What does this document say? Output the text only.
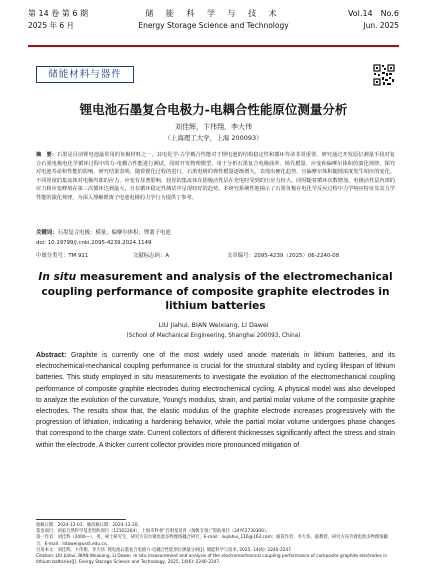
第 14 卷 第 6 期
2025 年 6 月
储 能 科 学 与 技 术
Energy Storage Science and Technology
Vol.14　No.6
Jun. 2025
储能材料与器件
锂电池石墨复合电极力-电耦合性能原位测量分析
刘佳辉，卞伟翔，李大伟
（上海理工大学，上海 200093）
摘　要：石墨是目前锂电池最常用的负极材料之一，其电化学-力学耦合性能对于锂电池的结构稳定性和循环寿命非常重要。研究通过开发原位测量手段对复合石墨电极电化学循环过程中的力-电耦合性能进行测试，同时开发物理模型，用于分析石墨复合电极曲率、杨氏模量、应变和偏摩尔体积的演化规律，探究对电池寿命和性能的影响。研究结果表明，随着锂化过程的进行，石墨电极的弹性模量逐渐增大，表现出硬化趋势，且偏摩尔体积随锂浓度发生相应的变化。不同厚度的集流体对电极内部的应力、应变有显著影响，较厚的集流体在阴极活性层在充电时受到的压应力较大。同时随着循环次数增加，电极活性层内部的应力和应变峰值在第三次循环达到最大，且在循环稳定性测试中呈现较好的趋势。本研究系统性地揭示了石墨负极在电化学反应过程中力学响应特征及其力学性能的演化规律，为深入理解锂离子电池电极的力学行为提供了参考。
关键词：石墨复合电极；模量；偏摩尔体积；锂离子电池
doi: 10.19799/j.cnki.2095-4239.2024.1149
中图分类号：TM 911	文献标志码：A	文章编号：2095-4239（2025）06-2240-08
In situ measurement and analysis of the electromechanical coupling performance of composite graphite electrodes in lithium batteries
LIU Jiahui, BIAN Weixiang, LI Dawei
(School of Mechanical Engineering, Shanghai 200093, China)
Abstract: Graphite is currently one of the most widely used anode materials in lithium batteries, and its electrochemical-mechanical coupling performance is crucial for the structural stability and cycling lifespan of lithium batteries. This study employed in situ measurements to investigate the evolution of the electromechanical coupling performance of composite graphite electrodes during electrochemical cycling. A physical model was also developed to analyze the evolution of the curvature, Young's modulus, strain, and partial molar volume of the composite graphite electrodes. The results show that, the elastic modulus of the graphite electrode increases progressively with the progression of lithiation, indicating a hardening behavior, while the partial molar volume undergoes phase changes that correspond to the charge state. Current collectors of different thicknesses significantly affect the stress and strain within the electrode. A thicker current collector provides more pronounced mitigation of
收稿日期：2024-12-01；修改稿日期：2024-12-20。
基金项目：国家自然科学基金资助项目（12102264），上海市科委“启明星培育（扬帆专项）”资助项目（24YF2730300）。
第一作者：刘佳辉（2000—），男，硕士研究生，研究方向为锂电池多物理场耦合研究，E-mail：liujiahui_116@163.com；通讯作者：李大伟，副教授，研究方向为锂电池多物理场耦合，E-mail：lidawei@usst.edu.cn。
引用本文：刘佳辉，卞伟翔，李大伟. 锂电池石墨复合电极力-电耦合性能原位测量分析[J]. 储能科学与技术, 2025, 14(6): 2240-2247.
Citation: LIU Jiahui, BIAN Weixiang, LI Dawei. In situ measurement and analysis of the electromechanical coupling performance of composite graphite electrodes in lithium batteries[J]. Energy Storage Science and Technology, 2025, 14(6): 2240-2247.
